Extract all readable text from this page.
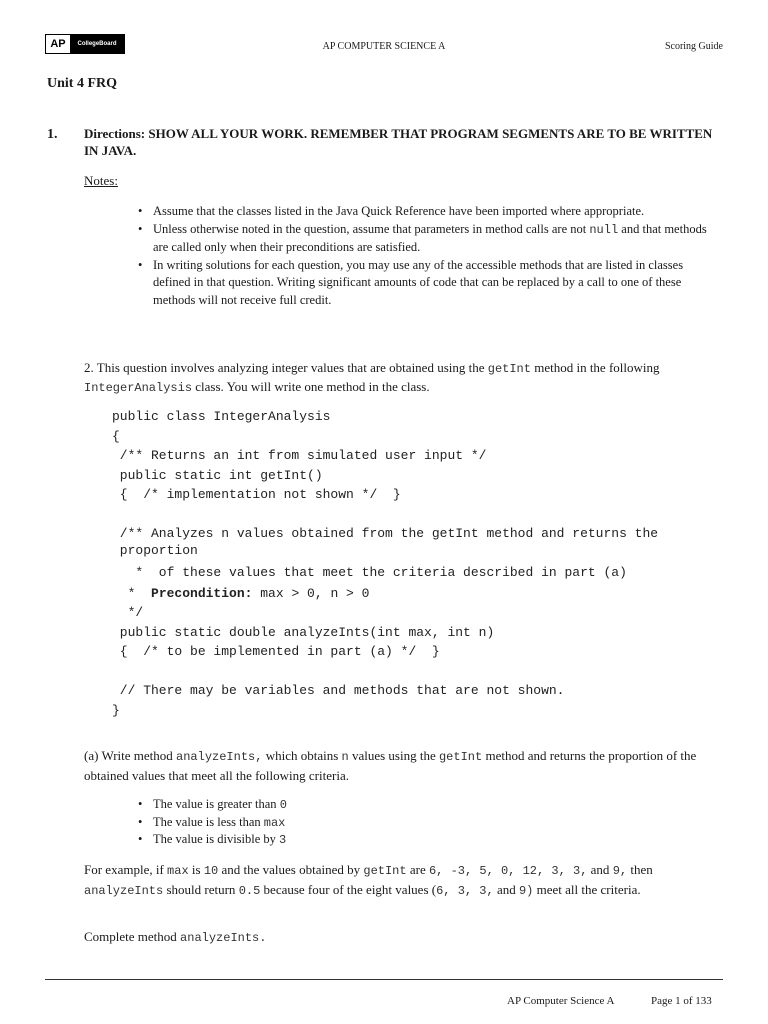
AP	CollegeBoard	AP COMPUTER SCIENCE A	Scoring Guide
Unit 4 FRQ
1. Directions: SHOW ALL YOUR WORK. REMEMBER THAT PROGRAM SEGMENTS ARE TO BE WRITTEN IN JAVA.
Notes:
• Assume that the classes listed in the Java Quick Reference have been imported where appropriate.
• Unless otherwise noted in the question, assume that parameters in method calls are not null and that methods are called only when their preconditions are satisfied.
• In writing solutions for each question, you may use any of the accessible methods that are listed in classes defined in that question. Writing significant amounts of code that can be replaced by a call to one of these methods will not receive full credit.
2. This question involves analyzing integer values that are obtained using the getInt method in the following IntegerAnalysis class. You will write one method in the class.
public class IntegerAnalysis
{
/** Returns an int from simulated user input */
public static int getInt()
{  /* implementation not shown */  }
/** Analyzes n values obtained from the getInt method and returns the
proportion
*  of these values that meet the criteria described in part (a)
*  Precondition: max > 0, n > 0
*/
public static double analyzeInts(int max, int n)
{  /* to be implemented in part (a) */  }
// There may be variables and methods that are not shown.
}
(a) Write method analyzeInts, which obtains n values using the getInt method and returns the proportion of the obtained values that meet all the following criteria.
• The value is greater than 0
• The value is less than max
• The value is divisible by 3
For example, if max is 10 and the values obtained by getInt are 6, -3, 5, 0, 12, 3, 3, and 9, then analyzeInts should return 0.5 because four of the eight values (6, 3, 3, and 9) meet all the criteria.
Complete method analyzeInts.
AP Computer Science A	Page 1 of 133
